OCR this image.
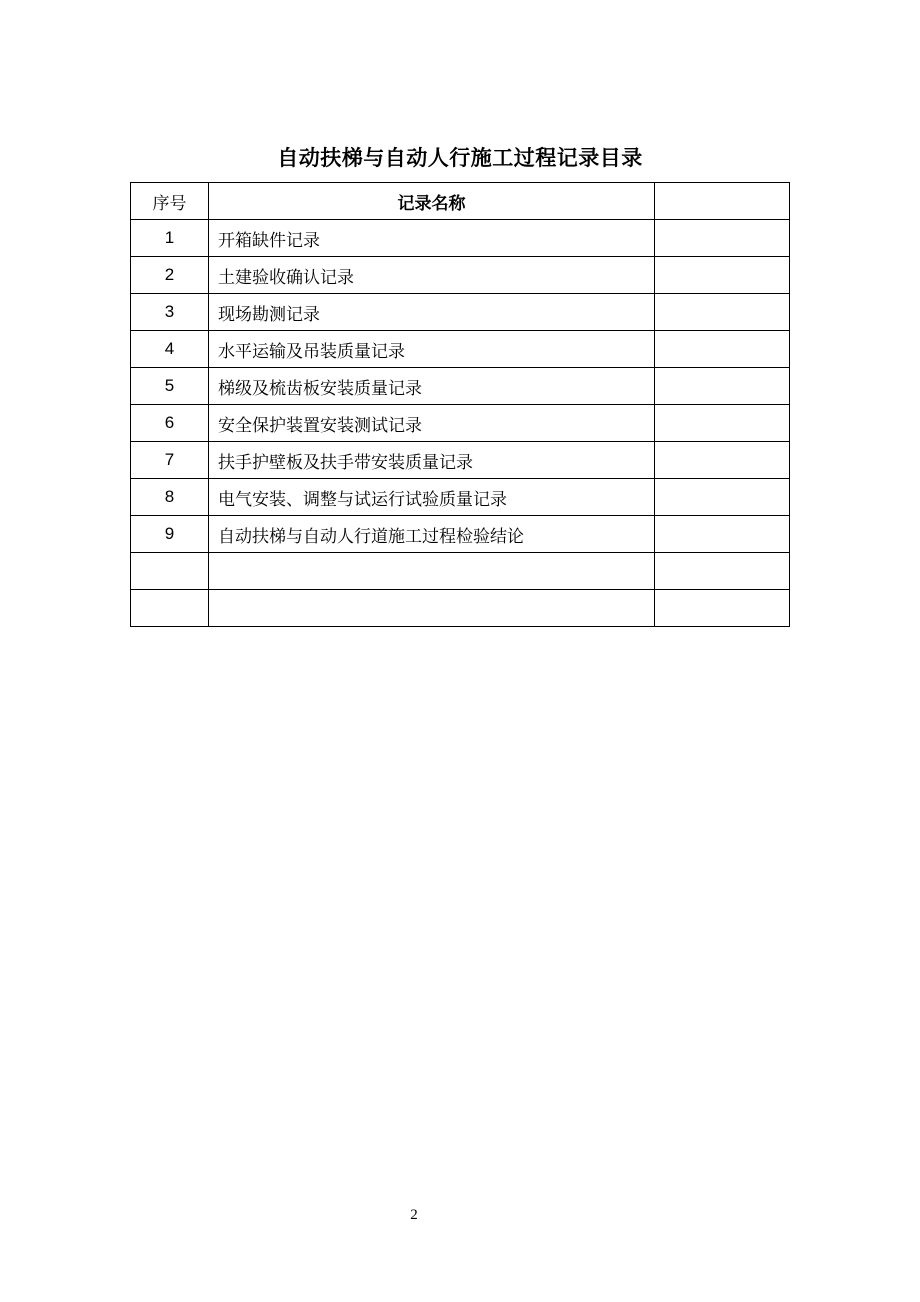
自动扶梯与自动人行施工过程记录目录
序号	记录名称	
1	开箱缺件记录	
2	土建验收确认记录	
3	现场勘测记录	
4	水平运输及吊装质量记录	
5	梯级及梳齿板安装质量记录	
6	安全保护装置安装测试记录	
7	扶手护壁板及扶手带安装质量记录	
8	电气安装、调整与试运行试验质量记录	
9	自动扶梯与自动人行道施工过程检验结论	

2
